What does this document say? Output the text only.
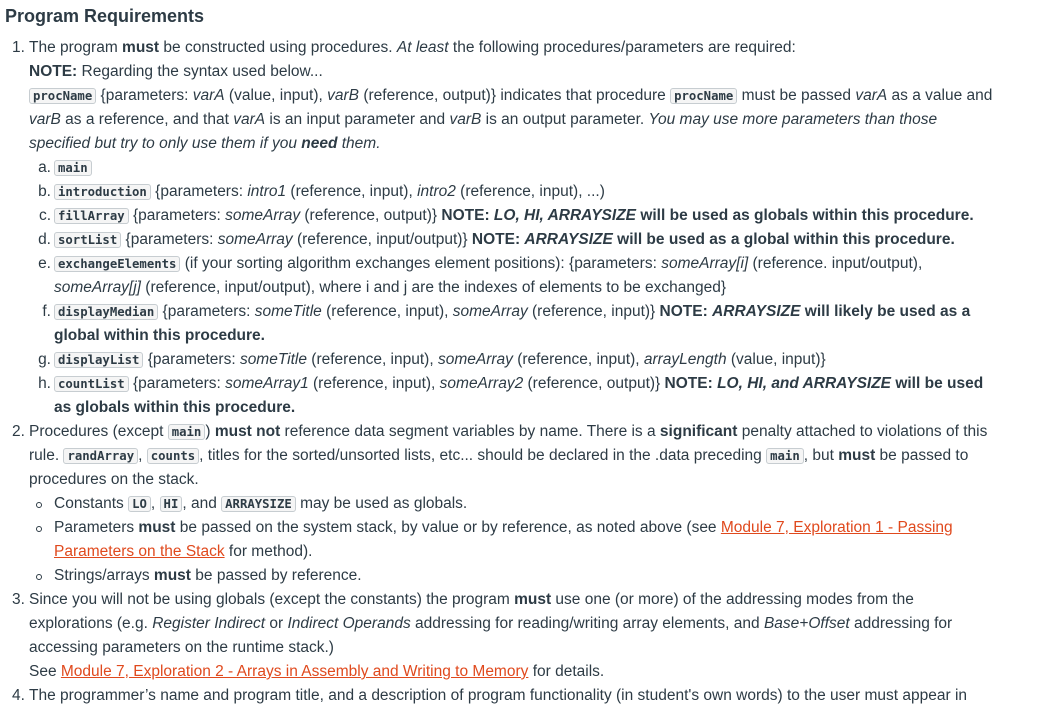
Program Requirements
1. The program must be constructed using procedures. At least the following procedures/parameters are required:
NOTE: Regarding the syntax used below...
procName {parameters: varA (value, input), varB (reference, output)} indicates that procedure procName must be passed varA as a value and varB as a reference, and that varA is an input parameter and varB is an output parameter. You may use more parameters than those specified but try to only use them if you need them.
a. main
b. introduction {parameters: intro1 (reference, input), intro2 (reference, input), ...)
c. fillArray {parameters: someArray (reference, output)} NOTE: LO, HI, ARRAYSIZE will be used as globals within this procedure.
d. sortList {parameters: someArray (reference, input/output)} NOTE: ARRAYSIZE will be used as a global within this procedure.
e. exchangeElements (if your sorting algorithm exchanges element positions): {parameters: someArray[i] (reference. input/output), someArray[j] (reference, input/output), where i and j are the indexes of elements to be exchanged}
f. displayMedian {parameters: someTitle (reference, input), someArray (reference, input)} NOTE: ARRAYSIZE will likely be used as a global within this procedure.
g. displayList {parameters: someTitle (reference, input), someArray (reference, input), arrayLength (value, input)}
h. countList {parameters: someArray1 (reference, input), someArray2 (reference, output)} NOTE: LO, HI, and ARRAYSIZE will be used as globals within this procedure.
2. Procedures (except main ) must not reference data segment variables by name. There is a significant penalty attached to violations of this rule. randArray , counts , titles for the sorted/unsorted lists, etc... should be declared in the .data preceding main , but must be passed to procedures on the stack.
Constants LO , HI , and ARRAYSIZE may be used as globals.
Parameters must be passed on the system stack, by value or by reference, as noted above (see Module 7, Exploration 1 - Passing Parameters on the Stack for method).
Strings/arrays must be passed by reference.
3. Since you will not be using globals (except the constants) the program must use one (or more) of the addressing modes from the explorations (e.g. Register Indirect or Indirect Operands addressing for reading/writing array elements, and Base+Offset addressing for accessing parameters on the runtime stack.)
See Module 7, Exploration 2 - Arrays in Assembly and Writing to Memory for details.
4. The programmer’s name and program title, and a description of program functionality (in student's own words) to the user must appear in
